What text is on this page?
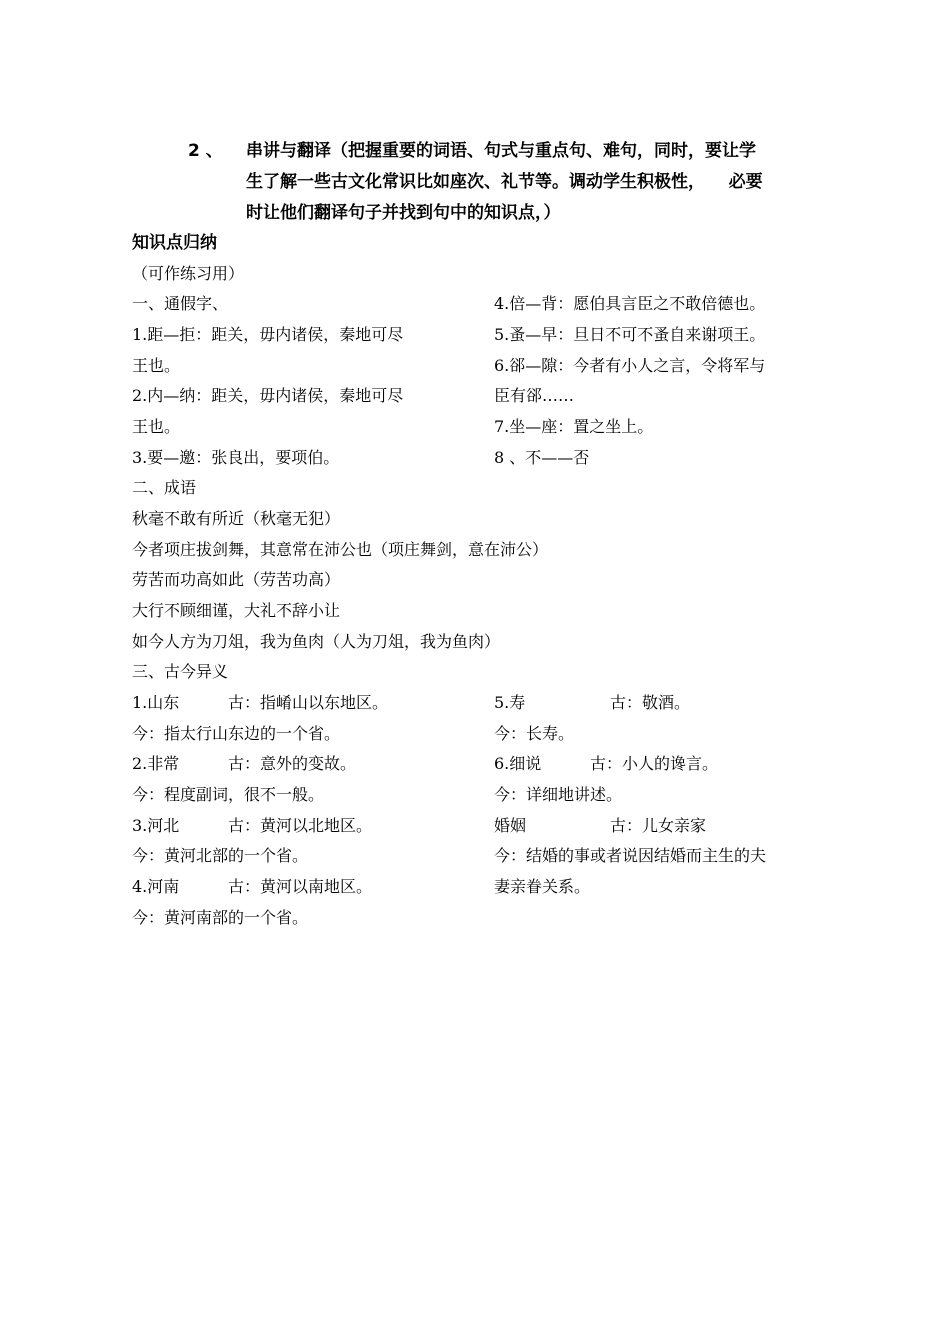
2 、 串讲与翻译（把握重要的词语、句式与重点句、难句，同时，要让学
生了解一些古文化常识比如座次、礼节等。调动学生积极性，    必要
时让他们翻译句子并找到句中的知识点，）
知识点归纳
（可作练习用）
一、通假字、
1.距—拒：距关，毋内诸侯，秦地可尽
王也。
2.内—纳：距关，毋内诸侯，秦地可尽
王也。
3.要—邀：张良出，要项伯。
4.倍—背：愿伯具言臣之不敢倍德也。
5.蚤—早：旦日不可不蚤自来谢项王。
6.郤—隙：今者有小人之言，令将军与
臣有郤……
7.坐—座：置之坐上。
8 、不——否
二、成语
秋毫不敢有所近（秋毫无犯）
今者项庄拔剑舞，其意常在沛公也（项庄舞剑，意在沛公）
劳苦而功高如此（劳苦功高）
大行不顾细谨，大礼不辞小让
如今人方为刀俎，我为鱼肉（人为刀俎，我为鱼肉）
三、古今异义
1.山东	古：指崤山以东地区。
今：指太行山东边的一个省。
2.非常	古：意外的变故。
今：程度副词，很不一般。
3.河北	古：黄河以北地区。
今：黄河北部的一个省。
4.河南	古：黄河以南地区。
今：黄河南部的一个省。
5.寿	古：敬酒。
今：长寿。
6.细说	古：小人的谗言。
今：详细地讲述。
婚姻	古：儿女亲家
今：结婚的事或者说因结婚而主生的夫
妻亲眷关系。
